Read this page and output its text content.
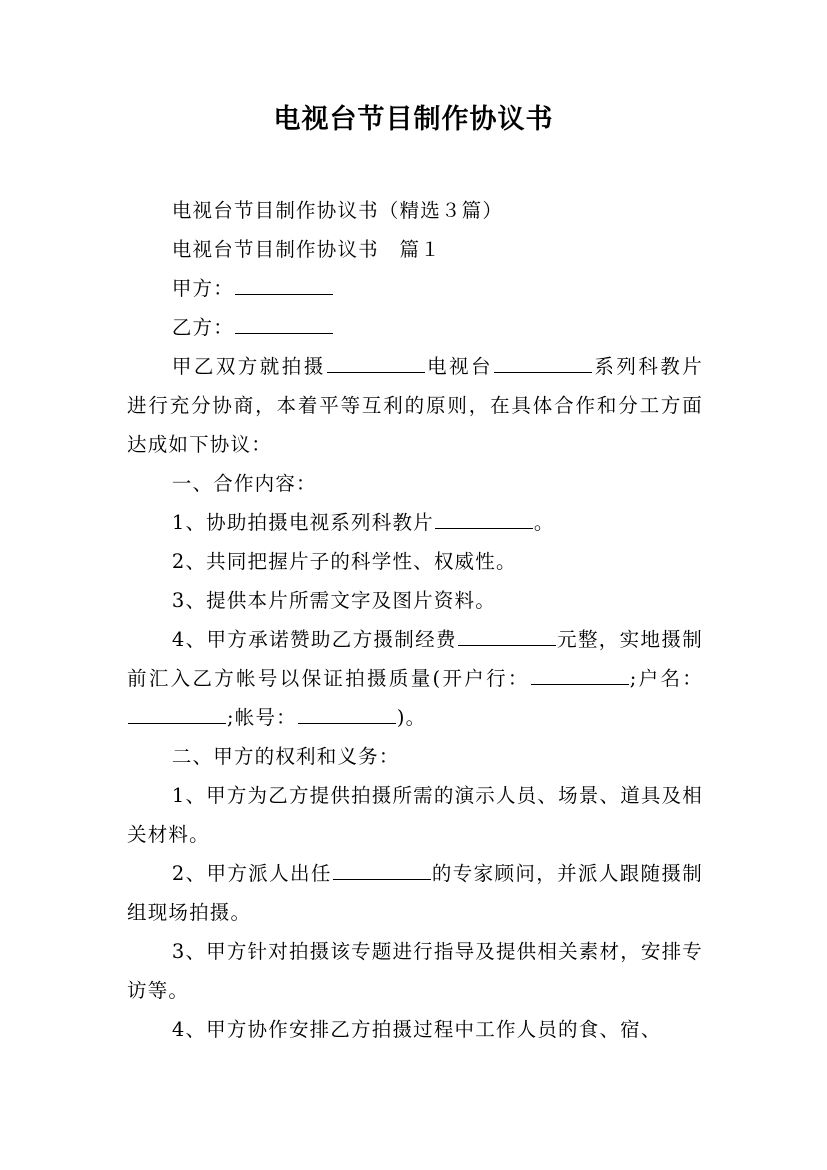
电视台节目制作协议书

电视台节目制作协议书（精选３篇）

电视台节目制作协议书　篇１

甲方：

乙方：

甲乙双方就拍摄	电视台	系列科教片进行充分协商，本着平等互利的原则，在具体合作和分工方面达成如下协议：

一、合作内容：

1、协助拍摄电视系列科教片	。

2、共同把握片子的科学性、权威性。

3、提供本片所需文字及图片资料。

4、甲方承诺赞助乙方摄制经费	元整，实地摄制前汇入乙方帐号以保证拍摄质量(开户行：	;户名：;帐号：	)。

二、甲方的权利和义务：

1、甲方为乙方提供拍摄所需的演示人员、场景、道具及相关材料。

2、甲方派人出任	的专家顾问，并派人跟随摄制组现场拍摄。

3、甲方针对拍摄该专题进行指导及提供相关素材，安排专访等。

4、甲方协作安排乙方拍摄过程中工作人员的食、宿、
